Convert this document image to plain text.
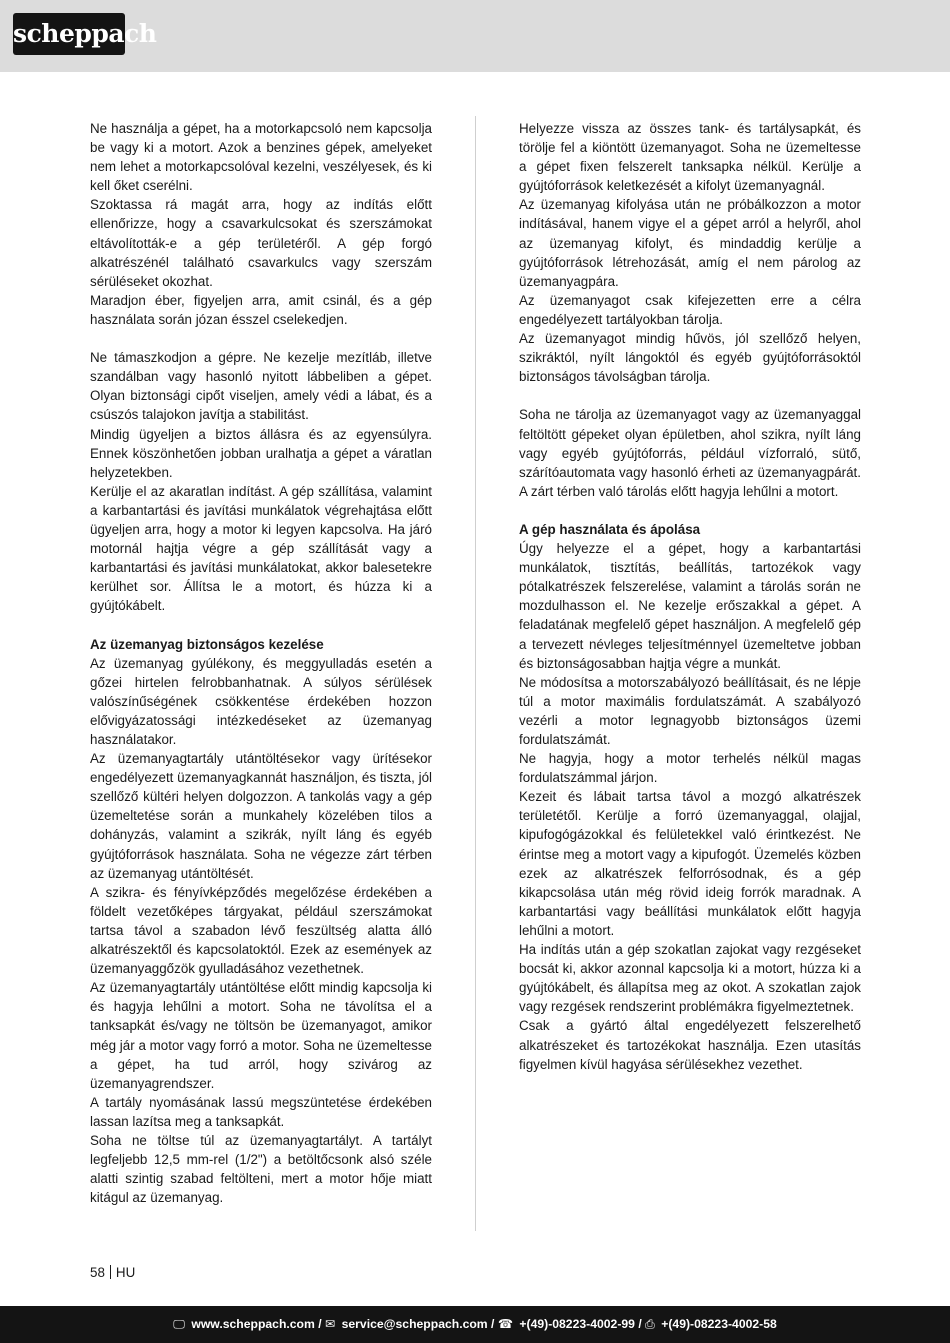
scheppach

Ne használja a gépet, ha a motorkapcsoló nem kapcsolja be vagy ki a motort. Azok a benzines gépek, amelyeket nem lehet a motorkapcsolóval kezelni, veszélyesek, és ki kell őket cserélni.

Szoktassa rá magát arra, hogy az indítás előtt ellenőrizze, hogy a csavarkulcsokat és szerszámokat eltávolították-e a gép területéről. A gép forgó alkatrészénél található csavarkulcs vagy szerszám sérüléseket okozhat.

Maradjon éber, figyeljen arra, amit csinál, és a gép használata során józan ésszel cselekedjen.

Ne támaszkodjon a gépre. Ne kezelje mezítláb, illetve szandálban vagy hasonló nyitott lábbeliben a gépet. Olyan biztonsági cipőt viseljen, amely védi a lábat, és a csúszós talajokon javítja a stabilitást.

Mindig ügyeljen a biztos állásra és az egyensúlyra. Ennek köszönhetően jobban uralhatja a gépet a váratlan helyzetekben.

Kerülje el az akaratlan indítást. A gép szállítása, valamint a karbantartási és javítási munkálatok végrehajtása előtt ügyeljen arra, hogy a motor ki legyen kapcsolva. Ha járó motornál hajtja végre a gép szállítását vagy a karbantartási és javítási munkálatokat, akkor balesetekre kerülhet sor. Állítsa le a motort, és húzza ki a gyújtókábelt.

Az üzemanyag biztonságos kezelése

Az üzemanyag gyúlékony, és meggyulladás esetén a gőzei hirtelen felrobbanhatnak. A súlyos sérülések valószínűségének csökkentése érdekében hozzon elővigyázatossági intézkedéseket az üzemanyag használatakor.

Az üzemanyagtartály utántöltésekor vagy ürítésekor engedélyezett üzemanyagkannát használjon, és tiszta, jól szellőző kültéri helyen dolgozzon. A tankolás vagy a gép üzemeltetése során a munkahely közelében tilos a dohányzás, valamint a szikrák, nyílt láng és egyéb gyújtóforrások használata. Soha ne végezze zárt térben az üzemanyag utántöltését.

A szikra- és fényívképződés megelőzése érdekében a földelt vezetőképes tárgyakat, például szerszámokat tartsa távol a szabadon lévő feszültség alatta álló alkatrészektől és kapcsolatoktól. Ezek az események az üzemanyaggőzök gyulladásához vezethetnek.

Az üzemanyagtartály utántöltése előtt mindig kapcsolja ki és hagyja lehűlni a motort. Soha ne távolítsa el a tanksapkát és/vagy ne töltsön be üzemanyagot, amikor még jár a motor vagy forró a motor. Soha ne üzemeltesse a gépet, ha tud arról, hogy szivárog az üzemanyagrendszer.

A tartály nyomásának lassú megszüntetése érdekében lassan lazítsa meg a tanksapkát.

Soha ne töltse túl az üzemanyagtartályt. A tartályt legfeljebb 12,5 mm-rel (1/2") a betöltőcsonk alsó széle alatti szintig szabad feltölteni, mert a motor hője miatt kitágul az üzemanyag.

Helyezze vissza az összes tank- és tartálysapkát, és törölje fel a kiöntött üzemanyagot. Soha ne üzemeltesse a gépet fixen felszerelt tanksapka nélkül. Kerülje a gyújtóforrások keletkezését a kifolyt üzemanyagnál.

Az üzemanyag kifolyása után ne próbálkozzon a motor indításával, hanem vigye el a gépet arról a helyről, ahol az üzemanyag kifolyt, és mindaddig kerülje a gyújtóforrások létrehozását, amíg el nem párolog az üzemanyagpára.

Az üzemanyagot csak kifejezetten erre a célra engedélyezett tartályokban tárolja.

Az üzemanyagot mindig hűvös, jól szellőző helyen, szikráktól, nyílt lángoktól és egyéb gyújtóforrásoktól biztonságos távolságban tárolja.

Soha ne tárolja az üzemanyagot vagy az üzemanyaggal feltöltött gépeket olyan épületben, ahol szikra, nyílt láng vagy egyéb gyújtóforrás, például vízforraló, sütő, szárítóautomata vagy hasonló érheti az üzemanyagpárát. A zárt térben való tárolás előtt hagyja lehűlni a motort.

A gép használata és ápolása

Úgy helyezze el a gépet, hogy a karbantartási munkálatok, tisztítás, beállítás, tartozékok vagy pótalkatrészek felszerelése, valamint a tárolás során ne mozdulhasson el. Ne kezelje erőszakkal a gépet. A feladatának megfelelő gépet használjon. A megfelelő gép a tervezett névleges teljesítménnyel üzemeltetve jobban és biztonságosabban hajtja végre a munkát.

Ne módosítsa a motorszabályozó beállításait, és ne lépje túl a motor maximális fordulatszámát. A szabályozó vezérli a motor legnagyobb biztonságos üzemi fordulatszámát.

Ne hagyja, hogy a motor terhelés nélkül magas fordulatszámmal járjon.

Kezeit és lábait tartsa távol a mozgó alkatrészek területétől. Kerülje a forró üzemanyaggal, olajjal, kipufogógázokkal és felületekkel való érintkezést. Ne érintse meg a motort vagy a kipufogót. Üzemelés közben ezek az alkatrészek felforrósodnak, és a gép kikapcsolása után még rövid ideig forrók maradnak. A karbantartási vagy beállítási munkálatok előtt hagyja lehűlni a motort.

Ha indítás után a gép szokatlan zajokat vagy rezgéseket bocsát ki, akkor azonnal kapcsolja ki a motort, húzza ki a gyújtókábelt, és állapítsa meg az okot. A szokatlan zajok vagy rezgések rendszerint problémákra figyelmeztetnek.

Csak a gyártó által engedélyezett felszerelhető alkatrészeket és tartozékokat használja. Ezen utasítás figyelmen kívül hagyása sérülésekhez vezethet.

58 HU
🖵 www.scheppach.com / ✉ service@scheppach.com / ☎ +(49)-08223-4002-99 / ⎙ +(49)-08223-4002-58
